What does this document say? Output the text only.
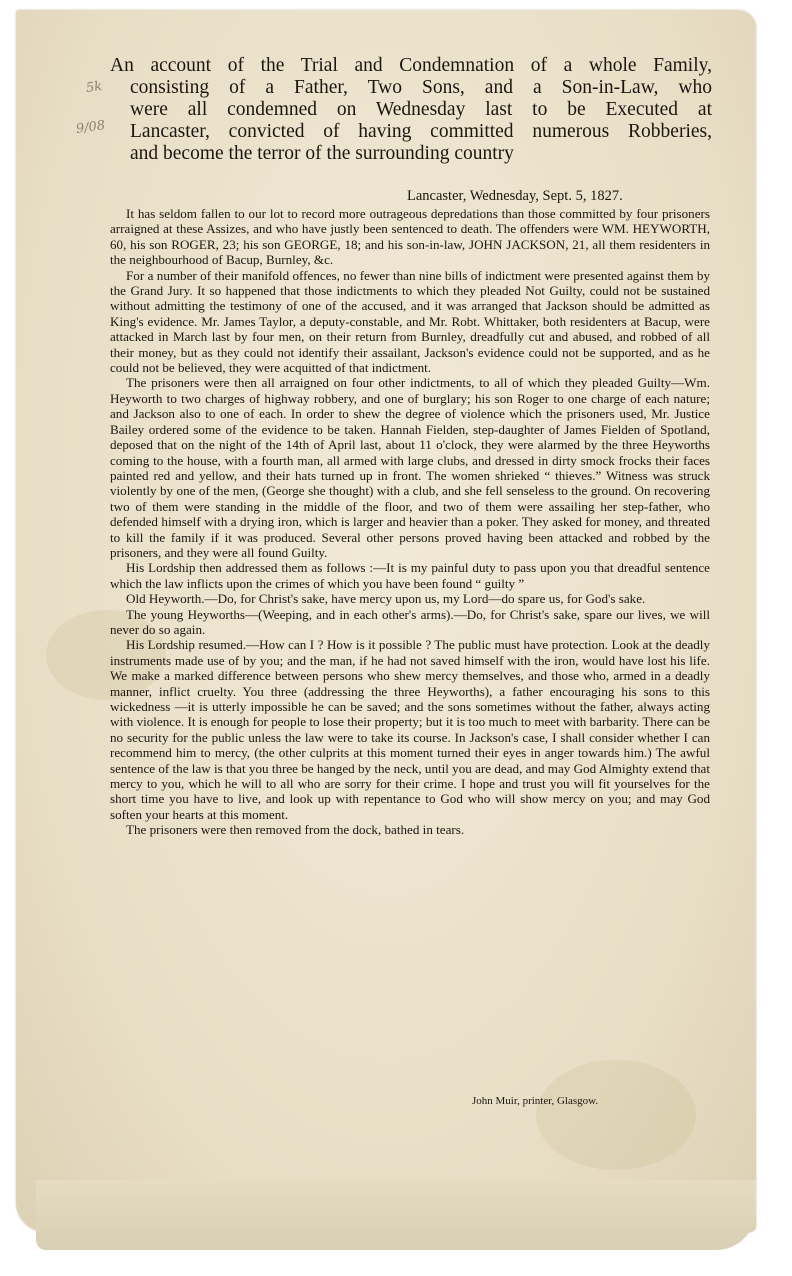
5k
9/08
An account of the Trial and Condemnation of a whole Family,
consisting of a Father, Two Sons, and a Son-in-Law, who
were all condemned on Wednesday last to be Executed at
Lancaster, convicted of having committed numerous Robberies,
and become the terror of the surrounding country
Lancaster, Wednesday, Sept. 5, 1827.

It has seldom fallen to our lot to record more outrageous depredations than those committed by four prisoners arraigned at these Assizes, and who have justly been sentenced to death. The offenders were WM. HEYWORTH, 60, his son ROGER, 23; his son GEORGE, 18; and his son-in-law, JOHN JACKSON, 21, all them residenters in the neighbourhood of Bacup, Burnley, &c.

For a number of their manifold offences, no fewer than nine bills of indictment were presented against them by the Grand Jury. It so happened that those indictments to which they pleaded Not Guilty, could not be sustained without admitting the testimony of one of the accused, and it was arranged that Jackson should be admitted as King's evidence. Mr. James Taylor, a deputy-constable, and Mr. Robt. Whittaker, both residenters at Bacup, were attacked in March last by four men, on their return from Burnley, dreadfully cut and abused, and robbed of all their money, but as they could not identify their assailant, Jackson's evidence could not be supported, and as he could not be believed, they were acquitted of that indictment.

The prisoners were then all arraigned on four other indictments, to all of which they pleaded Guilty—Wm. Heyworth to two charges of highway robbery, and one of burglary; his son Roger to one charge of each nature; and Jackson also to one of each. In order to shew the degree of violence which the prisoners used, Mr. Justice Bailey ordered some of the evidence to be taken. Hannah Fielden, step-daughter of James Fielden of Spotland, deposed that on the night of the 14th of April last, about 11 o'clock, they were alarmed by the three Heyworths coming to the house, with a fourth man, all armed with large clubs, and dressed in dirty smock frocks their faces painted red and yellow, and their hats turned up in front. The women shrieked “ thieves.” Witness was struck violently by one of the men, (George she thought) with a club, and she fell senseless to the ground. On recovering two of them were standing in the middle of the floor, and two of them were assailing her step-father, who defended himself with a drying iron, which is larger and heavier than a poker. They asked for money, and threated to kill the family if it was produced. Several other persons proved having been attacked and robbed by the prisoners, and they were all found Guilty.

His Lordship then addressed them as follows :—It is my painful duty to pass upon you that dreadful sentence which the law inflicts upon the crimes of which you have been found “ guilty ”

Old Heyworth.—Do, for Christ's sake, have mercy upon us, my Lord—do spare us, for God's sake.

The young Heyworths—(Weeping, and in each other's arms).—Do, for Christ's sake, spare our lives, we will never do so again.

His Lordship resumed.—How can I ? How is it possible ? The public must have protection. Look at the deadly instruments made use of by you; and the man, if he had not saved himself with the iron, would have lost his life. We make a marked difference between persons who shew mercy themselves, and those who, armed in a deadly manner, inflict cruelty. You three (addressing the three Heyworths), a father encouraging his sons to this wickedness —it is utterly impossible he can be saved; and the sons sometimes without the father, always acting with violence. It is enough for people to lose their property; but it is too much to meet with barbarity. There can be no security for the public unless the law were to take its course. In Jackson's case, I shall consider whether I can recommend him to mercy, (the other culprits at this moment turned their eyes in anger towards him.) The awful sentence of the law is that you three be hanged by the neck, until you are dead, and may God Almighty extend that mercy to you, which he will to all who are sorry for their crime. I hope and trust you will fit yourselves for the short time you have to live, and look up with repentance to God who will show mercy on you; and may God soften your hearts at this moment.

The prisoners were then removed from the dock, bathed in tears.

John Muir, printer, Glasgow.
